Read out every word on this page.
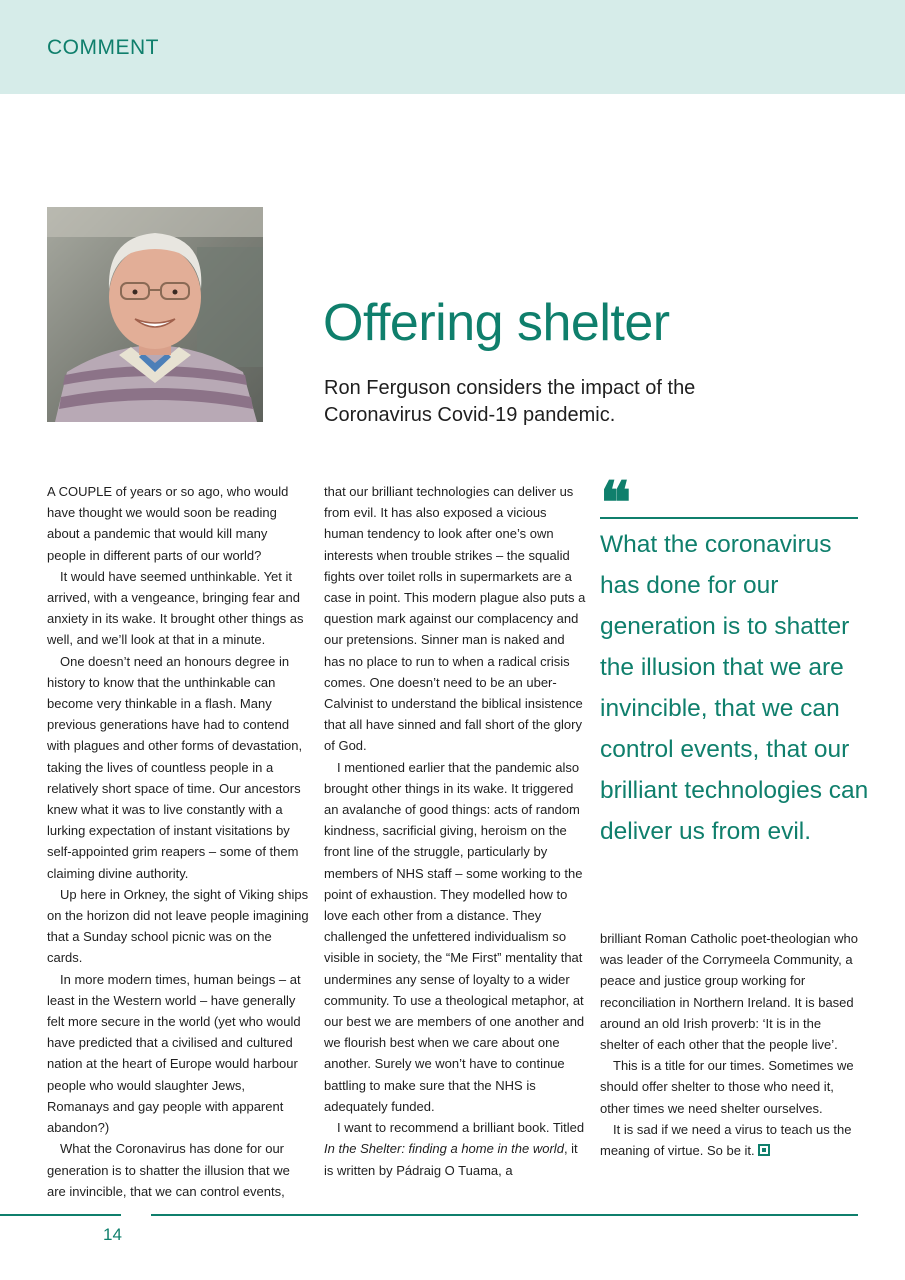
COMMENT
Offering shelter

Ron Ferguson considers the impact of the Coronavirus Covid-19 pandemic.

A COUPLE of years or so ago, who would have thought we would soon be reading about a pandemic that would kill many people in different parts of our world?

It would have seemed unthinkable. Yet it arrived, with a vengeance, bringing fear and anxiety in its wake. It brought other things as well, and we’ll look at that in a minute.

One doesn’t need an honours degree in history to know that the unthinkable can become very thinkable in a flash. Many previous generations have had to contend with plagues and other forms of devastation, taking the lives of countless people in a relatively short space of time. Our ancestors knew what it was to live constantly with a lurking expectation of instant visitations by self-appointed grim reapers – some of them claiming divine authority.

Up here in Orkney, the sight of Viking ships on the horizon did not leave people imagining that a Sunday school picnic was on the cards.

In more modern times, human beings – at least in the Western world – have generally felt more secure in the world (yet who would have predicted that a civilised and cultured nation at the heart of Europe would harbour people who would slaughter Jews, Romanays and gay people with apparent abandon?)

What the Coronavirus has done for our generation is to shatter the illusion that we are invincible, that we can control events,

that our brilliant technologies can deliver us from evil. It has also exposed a vicious human tendency to look after one’s own interests when trouble strikes – the squalid fights over toilet rolls in supermarkets are a case in point. This modern plague also puts a question mark against our complacency and our pretensions. Sinner man is naked and has no place to run to when a radical crisis comes. One doesn’t need to be an uber-Calvinist to understand the biblical insistence that all have sinned and fall short of the glory of God.

I mentioned earlier that the pandemic also brought other things in its wake. It triggered an avalanche of good things: acts of random kindness, sacrificial giving, heroism on the front line of the struggle, particularly by members of NHS staff – some working to the point of exhaustion. They modelled how to love each other from a distance. They challenged the unfettered individualism so visible in society, the “Me First” mentality that undermines any sense of loyalty to a wider community. To use a theological metaphor, at our best we are members of one another and we flourish best when we care about one another. Surely we won’t have to continue battling to make sure that the NHS is adequately funded.

I want to recommend a brilliant book. Titled In the Shelter: finding a home in the world, it is written by Pádraig O Tuama, a

❝

What the coronavirus has done for our generation is to shatter the illusion that we are invincible, that we can control events, that our brilliant technologies can deliver us from evil.

brilliant Roman Catholic poet-theologian who was leader of the Corrymeela Community, a peace and justice group working for reconciliation in Northern Ireland. It is based around an old Irish proverb: ‘It is in the shelter of each other that the people live’.

This is a title for our times. Sometimes we should offer shelter to those who need it, other times we need shelter ourselves.

It is sad if we need a virus to teach us the meaning of virtue. So be it.

14
